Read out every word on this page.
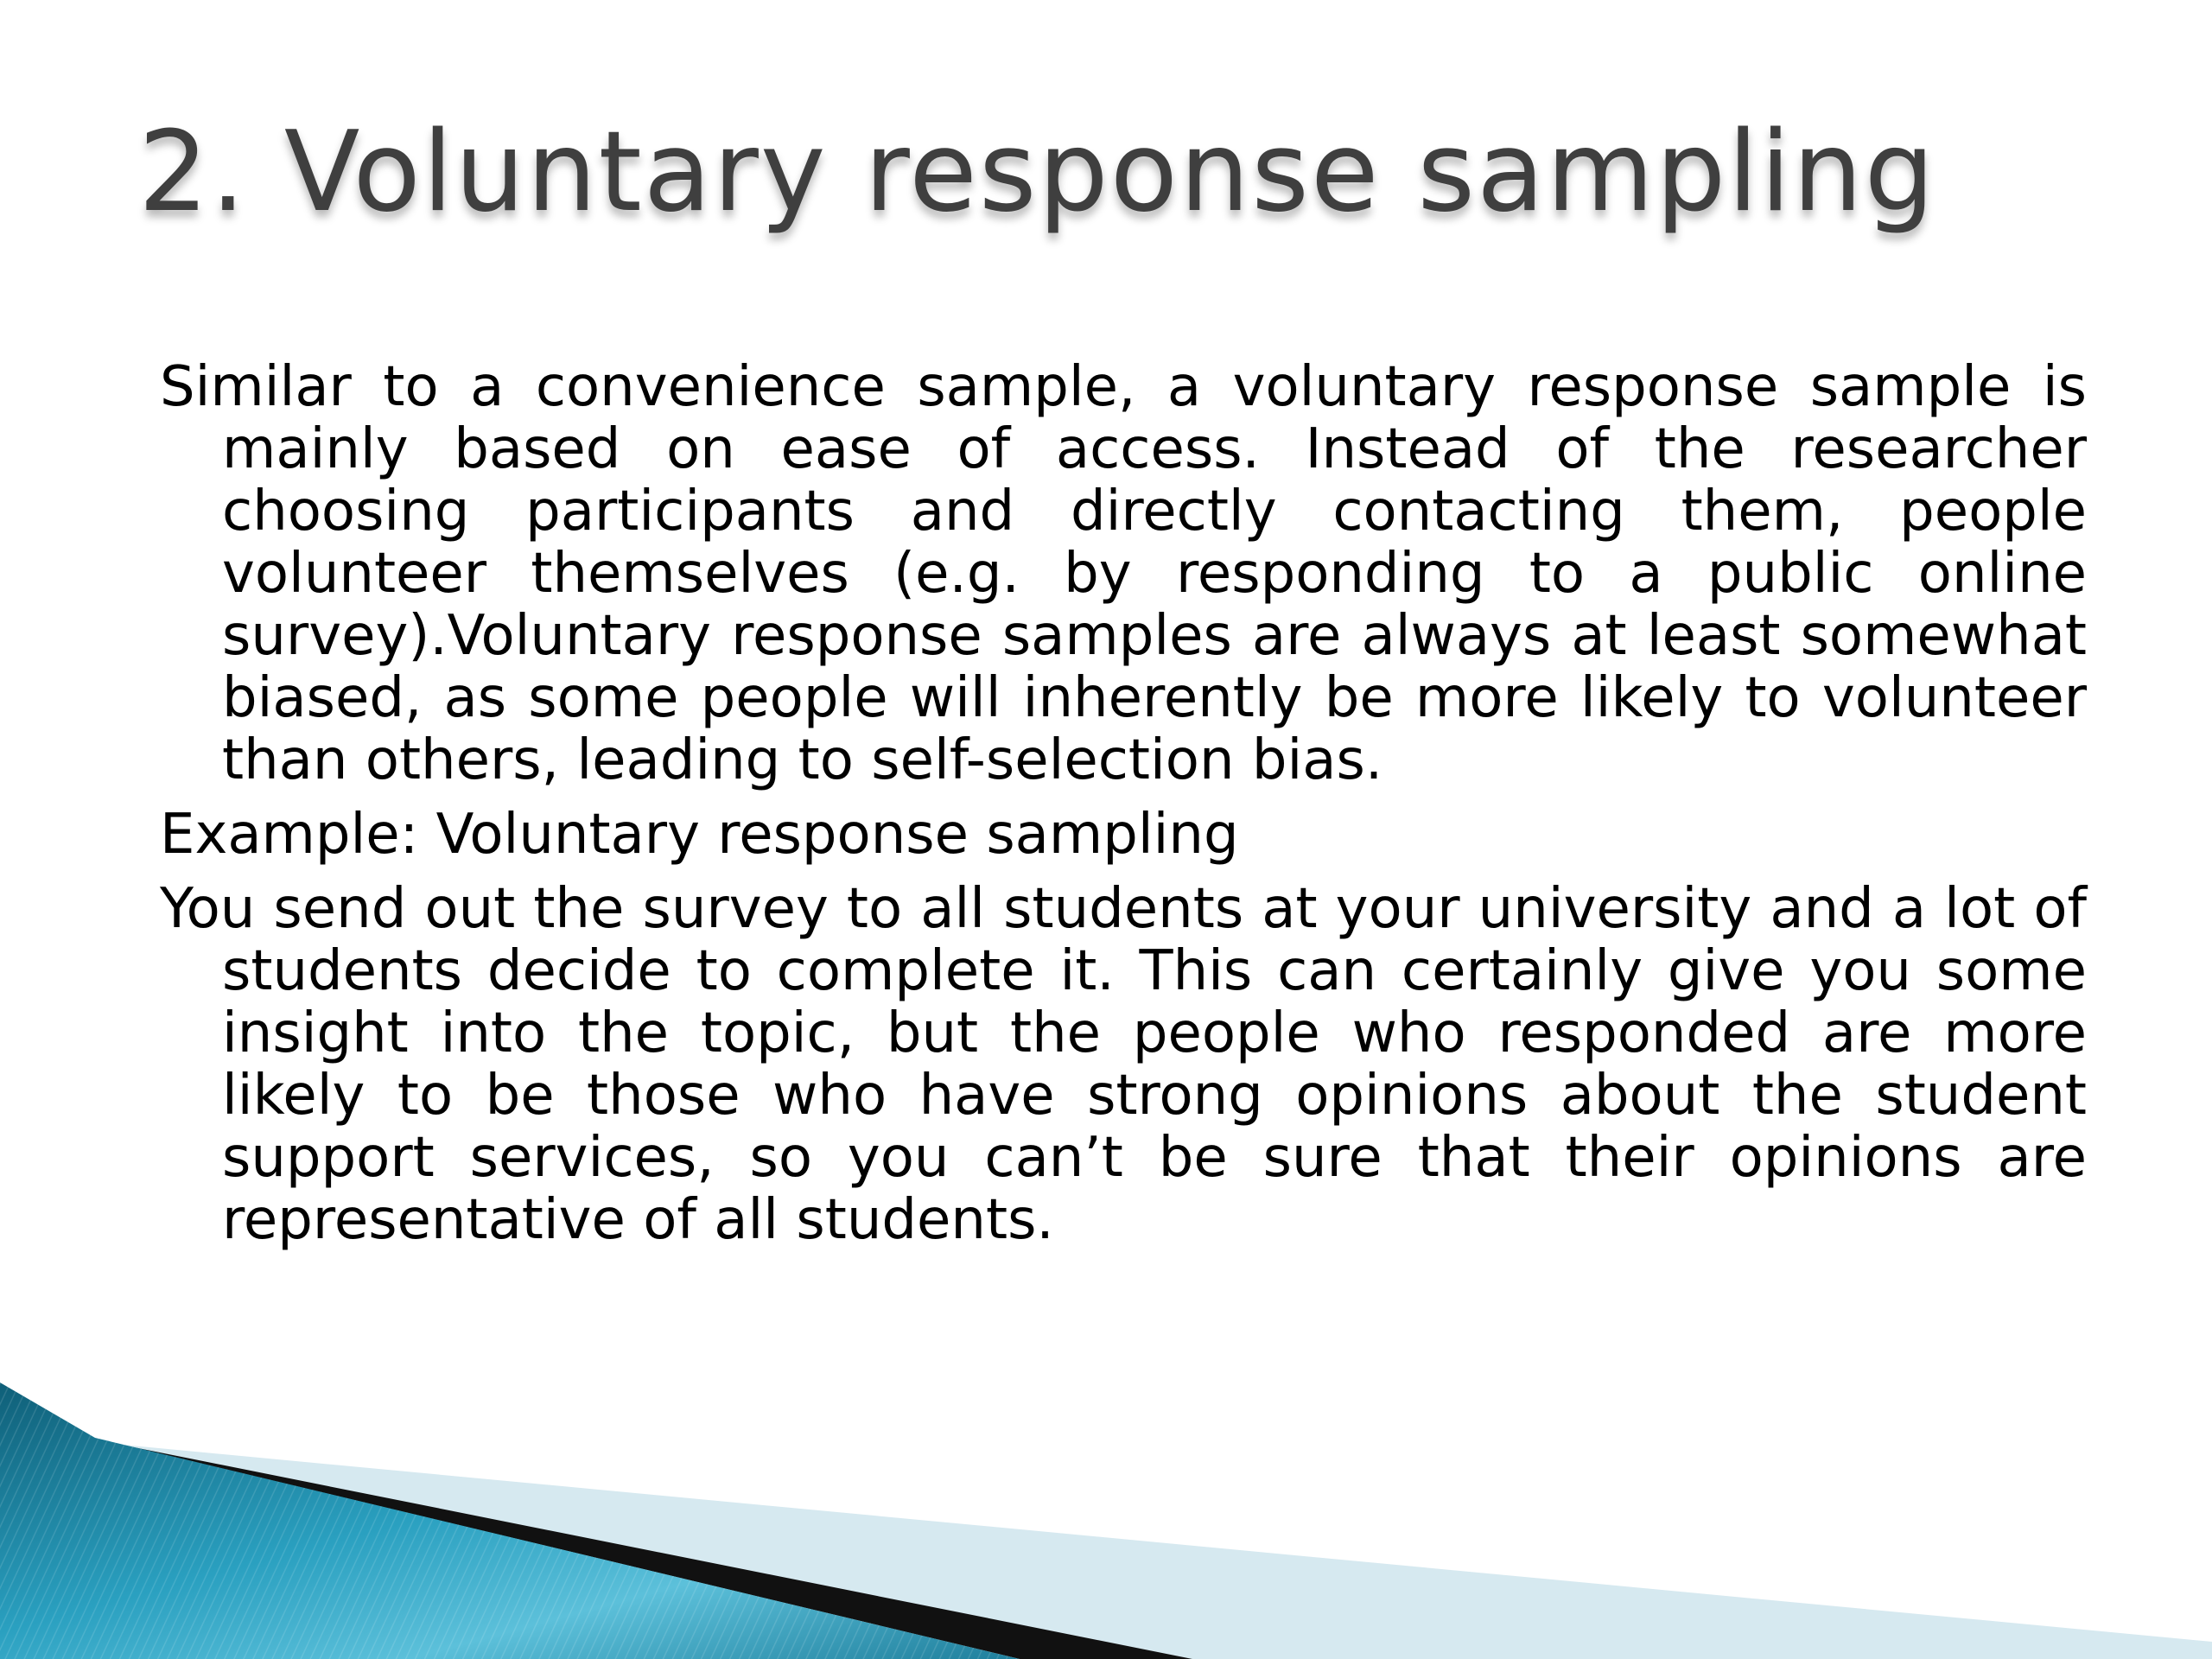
2. Voluntary response sampling

Similar to a convenience sample, a voluntary response sample is mainly based on ease of access. Instead of the researcher choosing participants and directly contacting them, people volunteer themselves (e.g. by responding to a public online survey).Voluntary response samples are always at least somewhat biased, as some people will inherently be more likely to volunteer than others, leading to self-selection bias.

Example: Voluntary response sampling

You send out the survey to all students at your university and a lot of students decide to complete it. This can certainly give you some insight into the topic, but the people who responded are more likely to be those who have strong opinions about the student support services, so you can’t be sure that their opinions are representative of all students.
